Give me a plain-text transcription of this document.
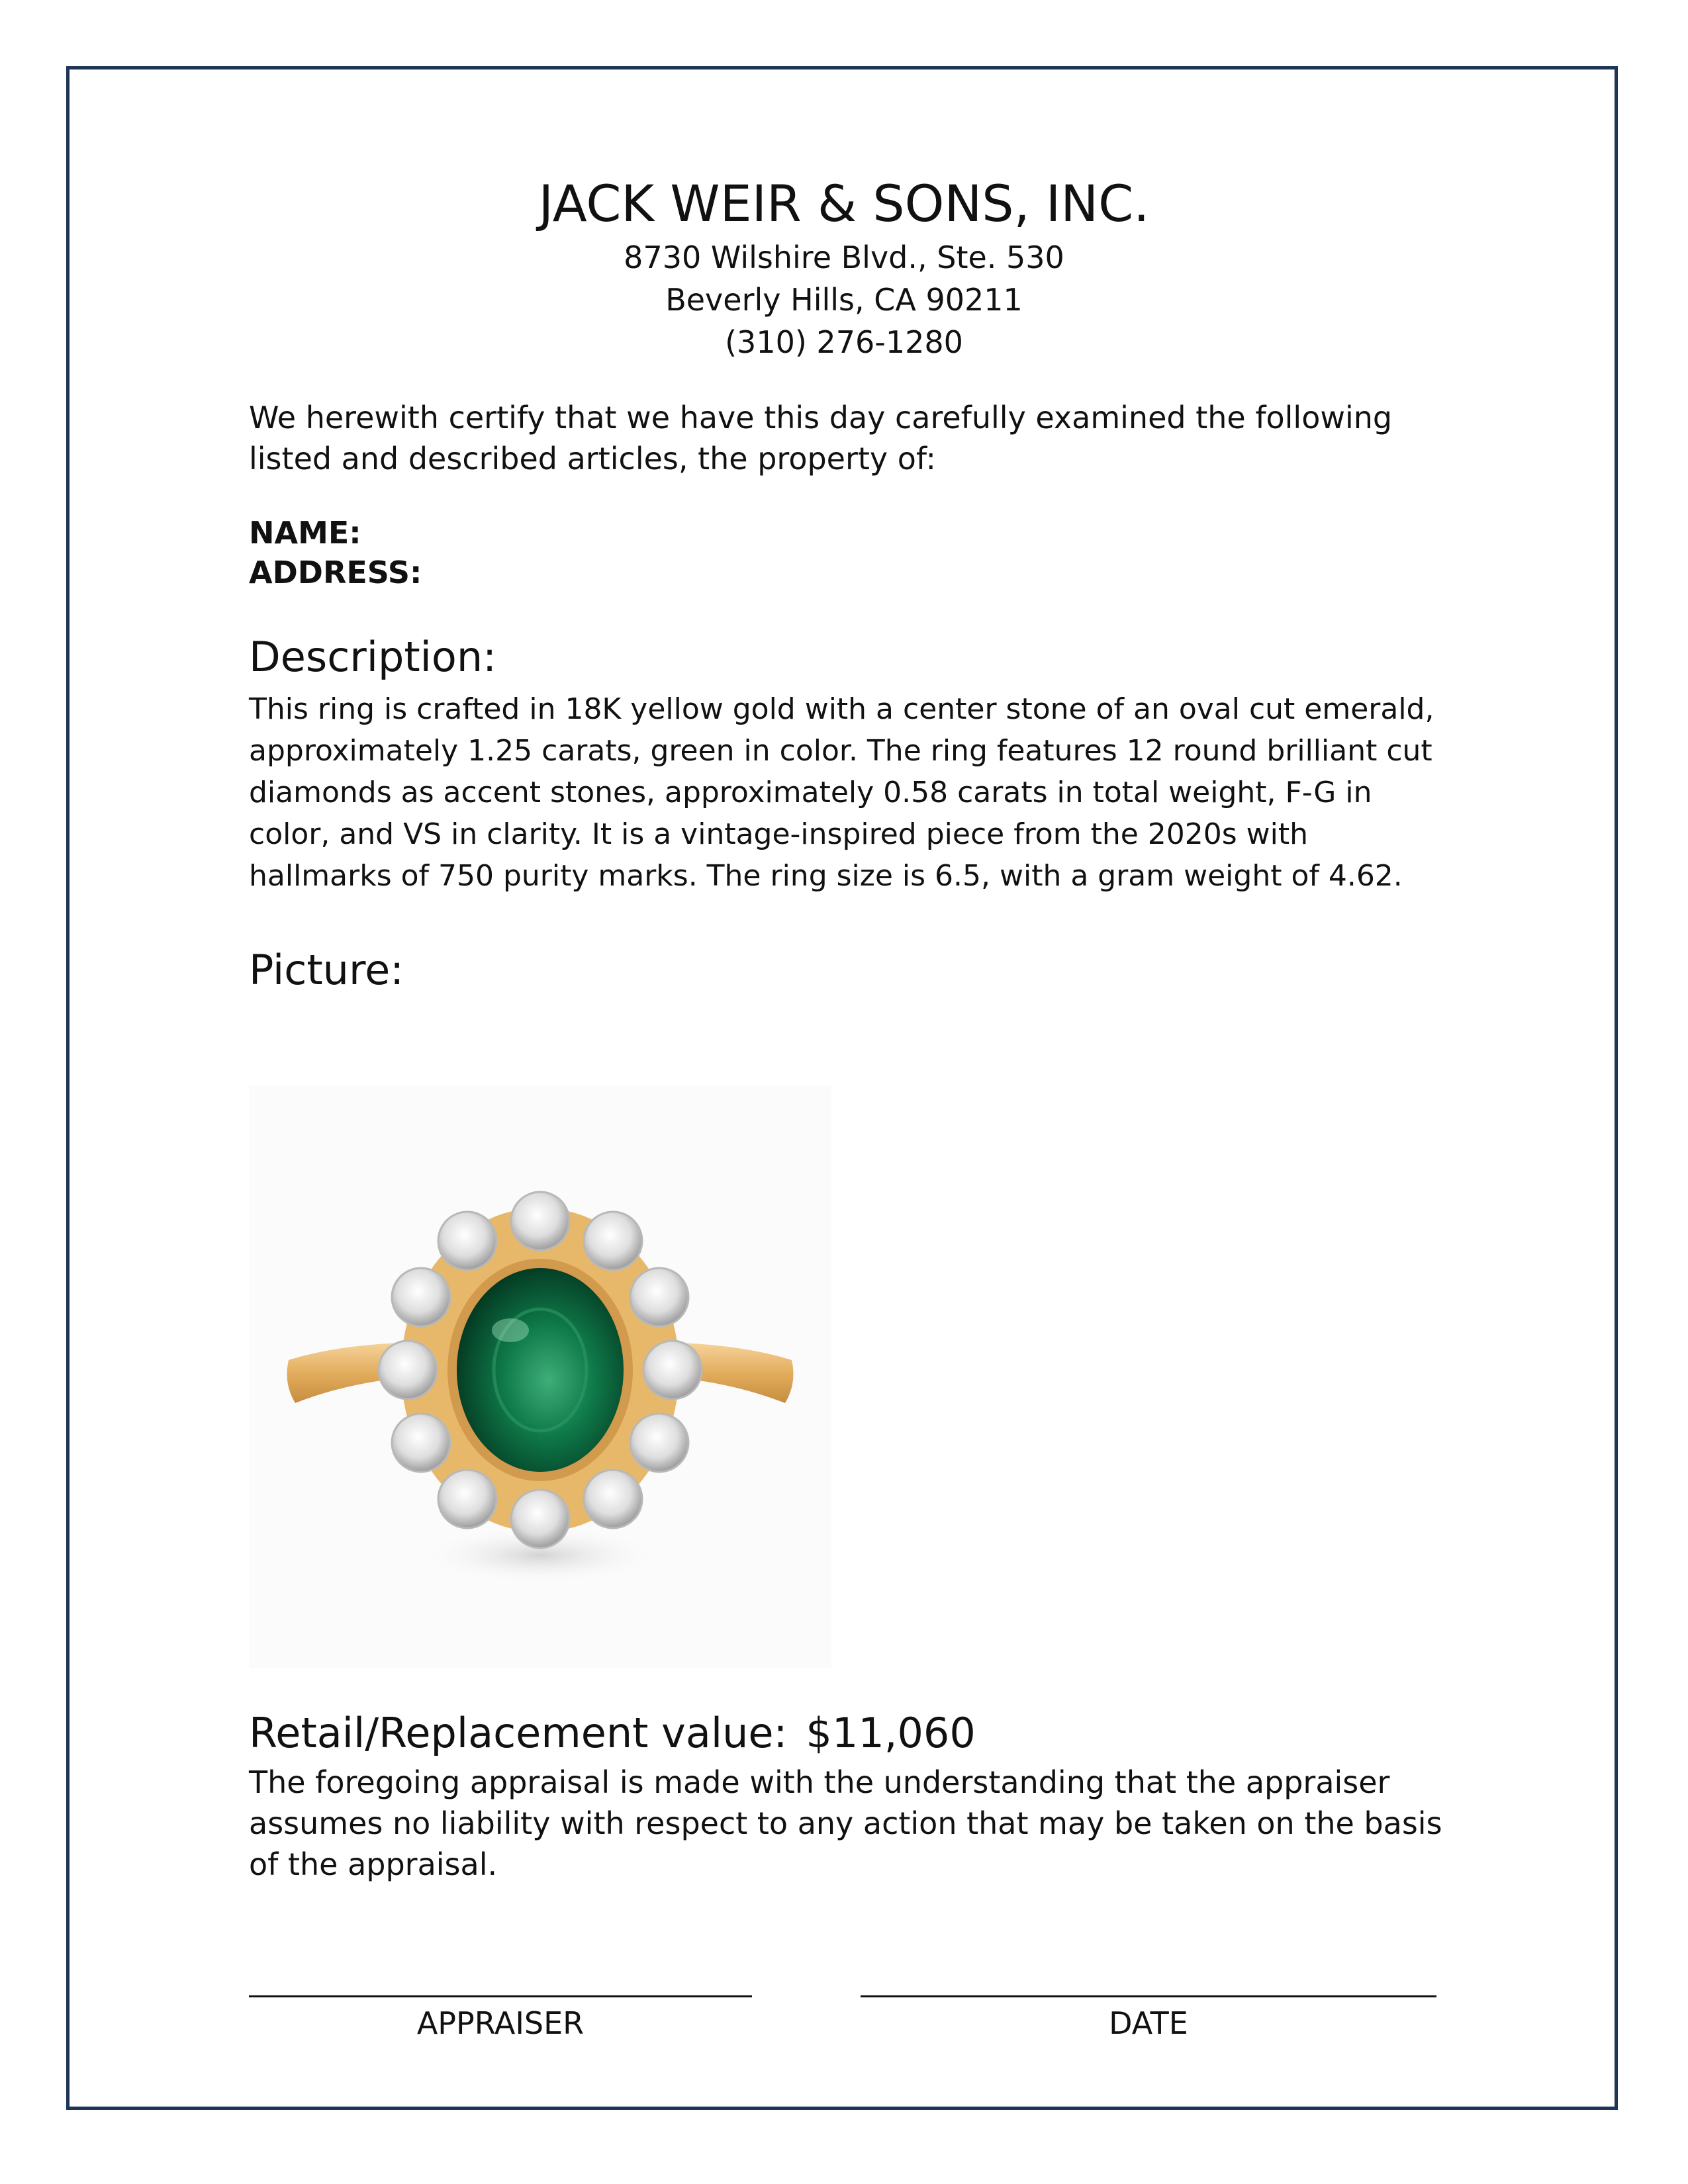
JACK WEIR & SONS, INC.
8730 Wilshire Blvd., Ste. 530
Beverly Hills, CA 90211
(310) 276-1280
We herewith certify that we have this day carefully examined the following listed and described articles, the property of:
NAME:
ADDRESS:
Description:
This ring is crafted in 18K yellow gold with a center stone of an oval cut emerald, approximately 1.25 carats, green in color. The ring features 12 round brilliant cut diamonds as accent stones, approximately 0.58 carats in total weight, F-G in color, and VS in clarity. It is a vintage-inspired piece from the 2020s with hallmarks of 750 purity marks. The ring size is 6.5, with a gram weight of 4.62.
Picture:
Retail/Replacement value: $11,060
The foregoing appraisal is made with the understanding that the appraiser assumes no liability with respect to any action that may be taken on the basis of the appraisal.
APPRAISER	DATE
